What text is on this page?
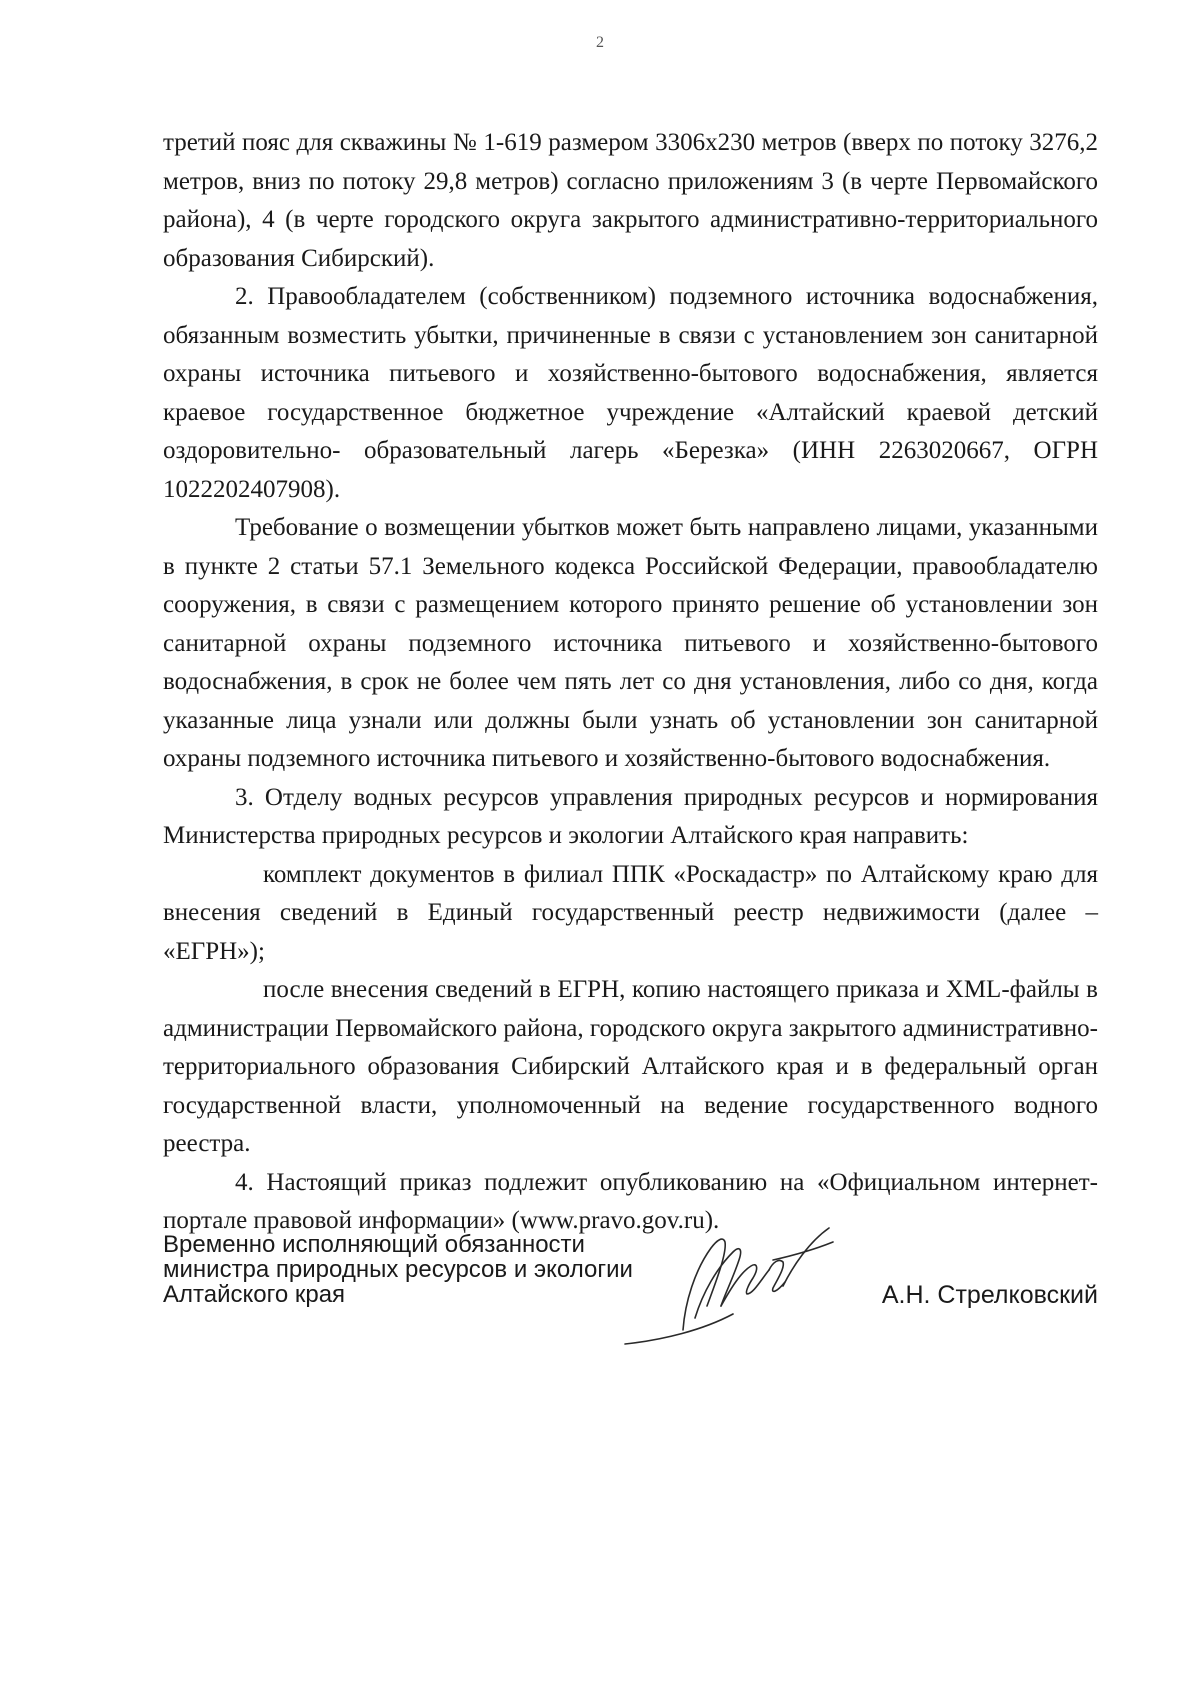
2

третий пояс для скважины № 1-619 размером 3306х230 метров (вверх по потоку 3276,2 метров, вниз по потоку 29,8 метров) согласно приложениям 3 (в черте Первомайского района), 4 (в черте городского округа закрытого административно-территориального образования Сибирский).

2. Правообладателем (собственником) подземного источника водоснабжения, обязанным возместить убытки, причиненные в связи с установлением зон санитарной охраны источника питьевого и хозяйственно-бытового водоснабжения, является краевое государственное бюджетное учреждение «Алтайский краевой детский оздоровительно- образовательный лагерь «Березка» (ИНН 2263020667, ОГРН 1022202407908).

Требование о возмещении убытков может быть направлено лицами, указанными в пункте 2 статьи 57.1 Земельного кодекса Российской Федерации, правообладателю сооружения, в связи с размещением которого принято решение об установлении зон санитарной охраны подземного источника питьевого и хозяйственно-бытового водоснабжения, в срок не более чем пять лет со дня установления, либо со дня, когда указанные лица узнали или должны были узнать об установлении зон санитарной охраны подземного источника питьевого и хозяйственно-бытового водоснабжения.

3. Отделу водных ресурсов управления природных ресурсов и нормирования Министерства природных ресурсов и экологии Алтайского края направить:

комплект документов в филиал ППК «Роскадастр» по Алтайскому краю для внесения сведений в Единый государственный реестр недвижимости (далее – «ЕГРН»);

после внесения сведений в ЕГРН, копию настоящего приказа и XML-файлы в администрации Первомайского района, городского округа закрытого административно-территориального образования Сибирский Алтайского края и в федеральный орган государственной власти, уполномоченный на ведение государственного водного реестра.

4. Настоящий приказ подлежит опубликованию на «Официальном интернет-портале правовой информации» (www.pravo.gov.ru).

Временно исполняющий обязанности
министра природных ресурсов и экологии
Алтайского края	А.Н. Стрелковский
